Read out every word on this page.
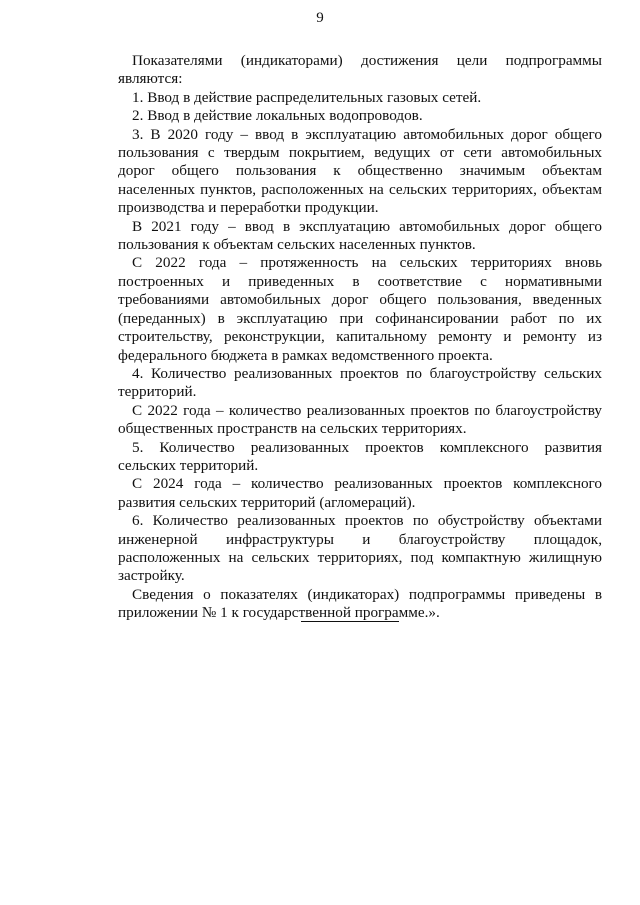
9

Показателями (индикаторами) достижения цели подпрограммы являются:

1. Ввод в действие распределительных газовых сетей.

2. Ввод в действие локальных водопроводов.

3. В 2020 году – ввод в эксплуатацию автомобильных дорог общего пользования с твердым покрытием, ведущих от сети автомобильных дорог общего пользования к общественно значимым объектам населенных пунктов, расположенных на сельских территориях, объектам производства и переработки продукции.

В 2021 году – ввод в эксплуатацию автомобильных дорог общего пользования к объектам сельских населенных пунктов.

С 2022 года – протяженность на сельских территориях вновь построенных и приведенных в соответствие с нормативными требованиями автомобильных дорог общего пользования, введенных (переданных) в эксплуатацию при софинансировании работ по их строительству, реконструкции, капитальному ремонту и ремонту из федерального бюджета в рамках ведомственного проекта.

4. Количество реализованных проектов по благоустройству сельских территорий.

С 2022 года – количество реализованных проектов по благоустройству общественных пространств на сельских территориях.

5. Количество реализованных проектов комплексного развития сельских территорий.

С 2024 года – количество реализованных проектов комплексного развития сельских территорий (агломераций).

6. Количество реализованных проектов по обустройству объектами инженерной инфраструктуры и благоустройству площадок, расположенных на сельских территориях, под компактную жилищную застройку.

Сведения о показателях (индикаторах) подпрограммы приведены в приложении № 1 к государственной программе.».
